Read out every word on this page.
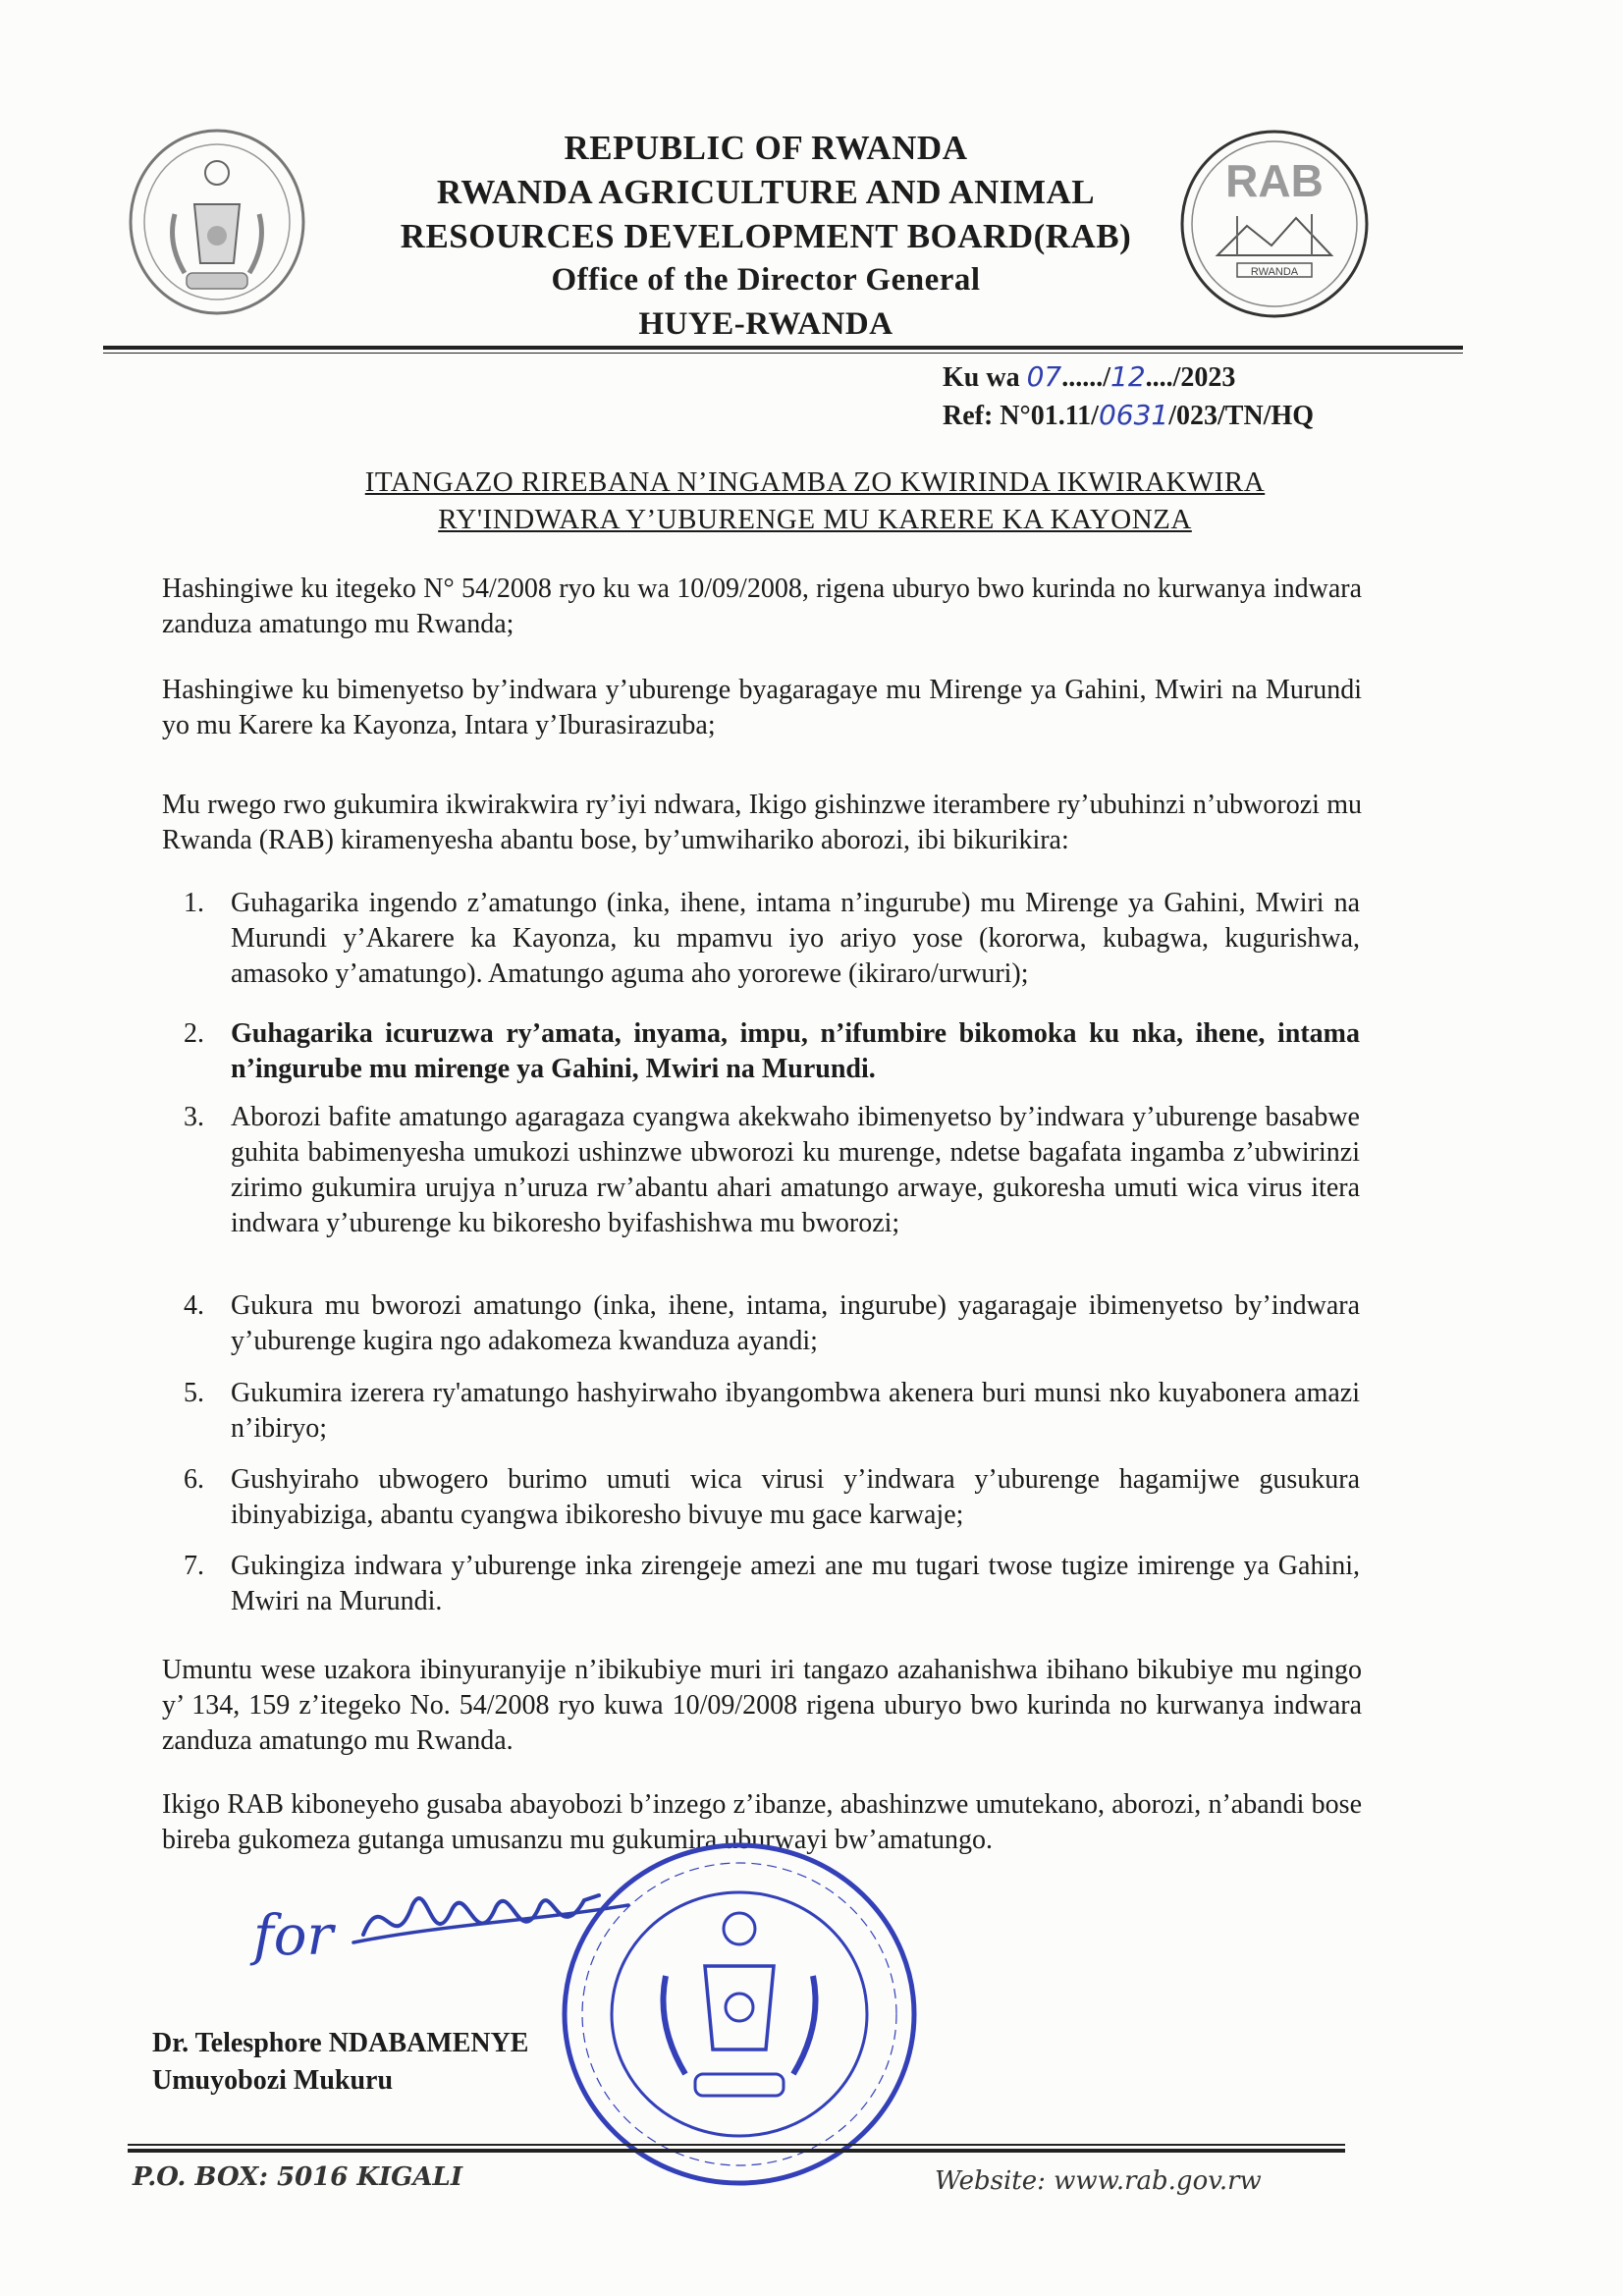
REPUBLIC OF RWANDA
RWANDA AGRICULTURE AND ANIMAL
RESOURCES DEVELOPMENT BOARD(RAB)
Office of the Director General
HUYE-RWANDA
RAB
RWANDA
Ku wa 07....../12..../2023
Ref: N°01.11/0631/023/TN/HQ
ITANGAZO RIREBANA N’INGAMBA ZO KWIRINDA IKWIRAKWIRA
RY'INDWARA Y’UBURENGE MU KARERE KA KAYONZA
Hashingiwe ku itegeko N° 54/2008 ryo ku wa 10/09/2008, rigena uburyo bwo kurinda no kurwanya indwara zanduza amatungo mu Rwanda;
Hashingiwe ku bimenyetso by’indwara y’uburenge byagaragaye mu Mirenge ya Gahini, Mwiri na Murundi yo mu Karere ka Kayonza, Intara y’Iburasirazuba;
Mu rwego rwo gukumira ikwirakwira ry’iyi ndwara, Ikigo gishinzwe iterambere ry’ubuhinzi n’ubworozi mu Rwanda (RAB) kiramenyesha abantu bose, by’umwihariko aborozi, ibi bikurikira:
1. Guhagarika ingendo z’amatungo (inka, ihene, intama n’ingurube) mu Mirenge ya Gahini, Mwiri na Murundi y’Akarere ka Kayonza, ku mpamvu iyo ariyo yose (kororwa, kubagwa, kugurishwa, amasoko y’amatungo). Amatungo aguma aho yororewe (ikiraro/urwuri);
2. Guhagarika icuruzwa ry’amata, inyama, impu, n’ifumbire bikomoka ku nka, ihene, intama n’ingurube mu mirenge ya Gahini, Mwiri na Murundi.
3. Aborozi bafite amatungo agaragaza cyangwa akekwaho ibimenyetso by’indwara y’uburenge basabwe guhita babimenyesha umukozi ushinzwe ubworozi ku murenge, ndetse bagafata ingamba z’ubwirinzi zirimo gukumira urujya n’uruza rw’abantu ahari amatungo arwaye, gukoresha umuti wica virus itera indwara y’uburenge ku bikoresho byifashishwa mu bworozi;
4. Gukura mu bworozi amatungo (inka, ihene, intama, ingurube) yagaragaje ibimenyetso by’indwara y’uburenge kugira ngo adakomeza kwanduza ayandi;
5. Gukumira izerera ry'amatungo hashyirwaho ibyangombwa akenera buri munsi nko kuyabonera amazi n’ibiryo;
6. Gushyiraho ubwogero burimo umuti wica virusi y’indwara y’uburenge hagamijwe gusukura ibinyabiziga, abantu cyangwa ibikoresho bivuye mu gace karwaje;
7. Gukingiza indwara y’uburenge inka zirengeje amezi ane mu tugari twose tugize imirenge ya Gahini, Mwiri na Murundi.
Umuntu wese uzakora ibinyuranyije n’ibikubiye muri iri tangazo azahanishwa ibihano bikubiye mu ngingo y’ 134, 159 z’itegeko No. 54/2008 ryo kuwa 10/09/2008 rigena uburyo bwo kurinda no kurwanya indwara zanduza amatungo mu Rwanda.
Ikigo RAB kiboneyeho gusaba abayobozi b’inzego z’ibanze, abashinzwe umutekano, aborozi, n’abandi bose bireba gukomeza gutanga umusanzu mu gukumira uburwayi bw’amatungo.
for
Dr. Telesphore NDABAMENYE
Umuyobozi Mukuru
P.O. BOX: 5016 KIGALI	Website: www.rab.gov.rw
